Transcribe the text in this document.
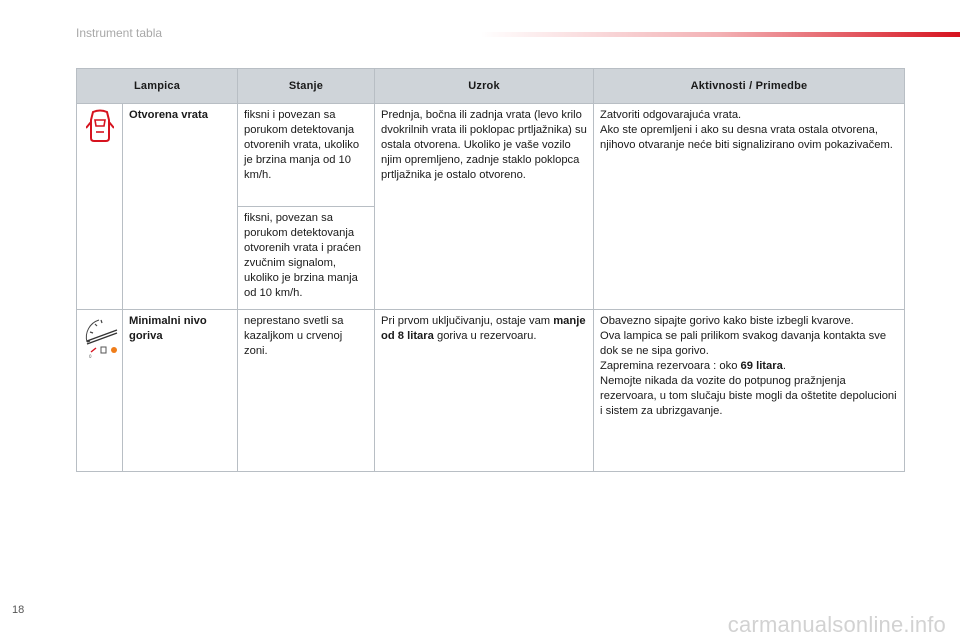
Instrument tabla
Lampica		Stanje	Uzrok	Aktivnosti / Primedbe

	Otvorena vrata	fiksni i povezan sa porukom detektovanja otvorenih vrata, ukoliko je brzina manja od 10 km/h.	Prednja, bočna ili zadnja vrata (levo krilo dvokrilnih vrata ili poklopac prtljažnika) su ostala otvorena. Ukoliko je vaše vozilo njim opremljeno, zadnje staklo poklopca prtljažnika je ostalo otvoreno.	Zatvoriti odgovarajuća vrata.
Ako ste opremljeni i ako su desna vrata ostala otvorena, njihovo otvaranje neće biti signalizirano ovim pokazivačem.

		fiksni, povezan sa porukom detektovanja otvorenih vrata i praćen zvučnim signalom, ukoliko je brzina manja od 10 km/h.		

0	Minimalni nivo goriva	neprestano svetli sa kazaljkom u crvenoj zoni.	Pri prvom uključivanju, ostaje vam manje od 8 litara goriva u rezervoaru.	Obavezno sipajte gorivo kako biste izbegli kvarove.
Ova lampica se pali prilikom svakog davanja kontakta sve dok se ne sipa gorivo.
Zapremina rezervoara : oko 69 litara.
Nemojte nikada da vozite do potpunog pražnjenja rezervoara, u tom slučaju biste mogli da oštetite depolucioni i sistem za ubrizgavanje.
18
carmanualsonline.info
